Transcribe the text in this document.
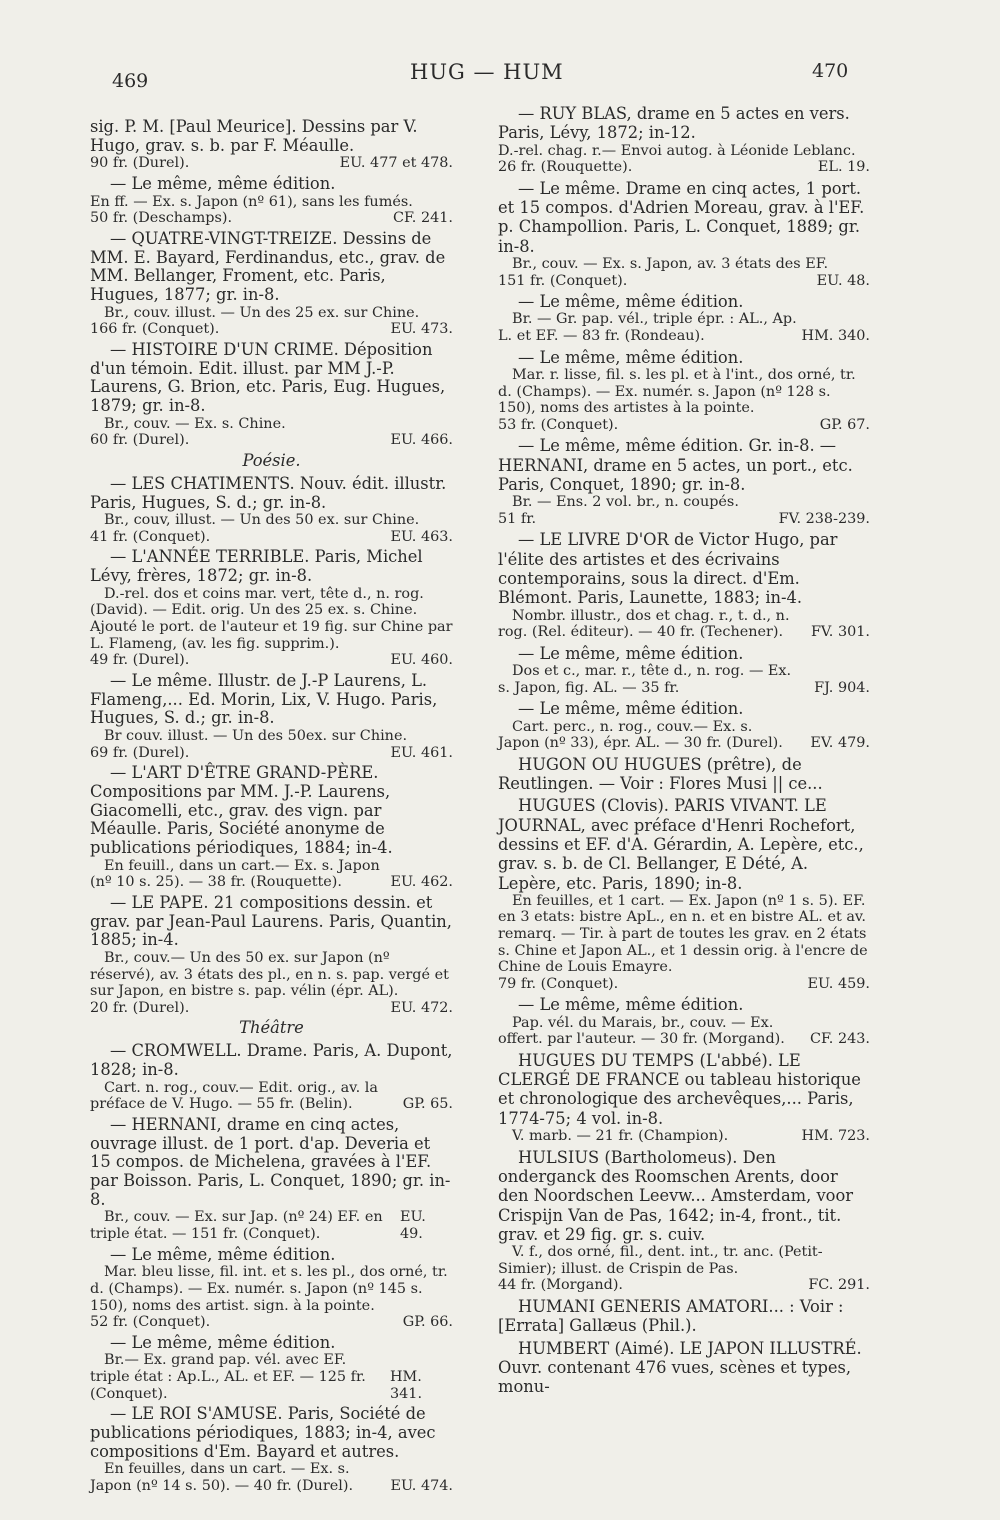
469	HUG — HUM	470

sig. P. M. [Paul Meurice]. Dessins par V. Hugo, grav. s. b. par F. Méaulle.

90 fr. (Durel).	EU. 477 et 478.

— Le même, même édition.

En ff. — Ex. s. Japon (nº 61), sans les fumés.

50 fr. (Deschamps).	CF. 241.

— QUATRE-VINGT-TREIZE. Dessins de MM. E. Bayard, Ferdinandus, etc., grav. de MM. Bellanger, Froment, etc. Paris, Hugues, 1877; gr. in-8.

Br., couv. illust. — Un des 25 ex. sur Chine.

166 fr. (Conquet).	EU. 473.

— HISTOIRE D'UN CRIME. Déposition d'un témoin. Edit. illust. par MM J.-P. Laurens, G. Brion, etc. Paris, Eug. Hugues, 1879; gr. in-8.

Br., couv. — Ex. s. Chine.

60 fr. (Durel).	EU. 466.
Poésie.

— LES CHATIMENTS. Nouv. édit. illustr. Paris, Hugues, S. d.; gr. in-8.

Br., couv, illust. — Un des 50 ex. sur Chine.

41 fr. (Conquet).	EU. 463.

— L'ANNÉE TERRIBLE. Paris, Michel Lévy, frères, 1872; gr. in-8.

D.-rel. dos et coins mar. vert, tête d., n. rog. (David). — Edit. orig. Un des 25 ex. s. Chine. Ajouté le port. de l'auteur et 19 fig. sur Chine par L. Flameng, (av. les fig. supprim.).

49 fr. (Durel).	EU. 460.

— Le même. Illustr. de J.-P Laurens, L. Flameng,... Ed. Morin, Lix, V. Hugo. Paris, Hugues, S. d.; gr. in-8.

Br couv. illust. — Un des 50ex. sur Chine.

69 fr. (Durel).	EU. 461.

— L'ART D'ÊTRE GRAND-PÈRE. Compositions par MM. J.-P. Laurens, Giacomelli, etc., grav. des vign. par Méaulle. Paris, Société anonyme de publications périodiques, 1884; in-4.

En feuill., dans un cart.— Ex. s. Japon (nº 10 s. 25). — 38 fr. (Rouquette).	EU. 462.

— LE PAPE. 21 compositions dessin. et grav. par Jean-Paul Laurens. Paris, Quantin, 1885; in-4.

Br., couv.— Un des 50 ex. sur Japon (nº réservé), av. 3 états des pl., en n. s. pap. vergé et sur Japon, en bistre s. pap. vélin (épr. AL).

20 fr. (Durel).	EU. 472.
Théâtre

— CROMWELL. Drame. Paris, A. Dupont, 1828; in-8.

Cart. n. rog., couv.— Edit. orig., av. la préface de V. Hugo. — 55 fr. (Belin).	GP. 65.

— HERNANI, drame en cinq actes, ouvrage illust. de 1 port. d'ap. Deveria et 15 compos. de Michelena, gravées à l'EF. par Boisson. Paris, L. Conquet, 1890; gr. in-8.

Br., couv. — Ex. sur Jap. (nº 24) EF. en triple état. — 151 fr. (Conquet).
EU. 49.

— Le même, même édition.

Mar. bleu lisse, fil. int. et s. les pl., dos orné, tr. d. (Champs). — Ex. numér. s. Japon (nº 145 s. 150), noms des artist. sign. à la pointe.

52 fr. (Conquet).	GP. 66.

— Le même, même édition.

Br.— Ex. grand pap. vél. avec EF. triple état : Ap.L., AL. et EF. — 125 fr. (Conquet).
HM. 341.

— LE ROI S'AMUSE. Paris, Société de publications périodiques, 1883; in-4, avec compositions d'Em. Bayard et autres.

En feuilles, dans un cart. — Ex. s. Japon (nº 14 s. 50). — 40 fr. (Durel).	EU. 474.

— RUY BLAS, drame en 5 actes en vers. Paris, Lévy, 1872; in-12.

D.-rel. chag. r.— Envoi autog. à Léonide Leblanc.

26 fr. (Rouquette).	EL. 19.

— Le même. Drame en cinq actes, 1 port. et 15 compos. d'Adrien Moreau, grav. à l'EF. p. Champollion. Paris, L. Conquet, 1889; gr. in-8.

Br., couv. — Ex. s. Japon, av. 3 états des EF.

151 fr. (Conquet).	EU. 48.

— Le même, même édition.

Br. — Gr. pap. vél., triple épr. : AL., Ap. L. et EF. — 83 fr. (Rondeau).	HM. 340.

— Le même, même édition.

Mar. r. lisse, fil. s. les pl. et à l'int., dos orné, tr. d. (Champs). — Ex. numér. s. Japon (nº 128 s. 150), noms des artistes à la pointe.

53 fr. (Conquet).	GP. 67.

— Le même, même édition. Gr. in-8. — HERNANI, drame en 5 actes, un port., etc. Paris, Conquet, 1890; gr. in-8.

Br. — Ens. 2 vol. br., n. coupés.

51 fr.	FV. 238-239.

— LE LIVRE D'OR de Victor Hugo, par l'élite des artistes et des écrivains contemporains, sous la direct. d'Em. Blémont. Paris, Launette, 1883; in-4.

Nombr. illustr., dos et chag. r., t. d., n. rog. (Rel. éditeur). — 40 fr. (Techener).	FV. 301.

— Le même, même édition.

Dos et c., mar. r., tête d., n. rog. — Ex. s. Japon, fig. AL. — 35 fr.	FJ. 904.

— Le même, même édition.

Cart. perc., n. rog., couv.— Ex. s. Japon (nº 33), épr. AL. — 30 fr. (Durel).	EV. 479.

HUGON OU HUGUES (prêtre), de Reutlingen. — Voir : Flores Musi || ce...

HUGUES (Clovis). PARIS VIVANT. LE JOURNAL, avec préface d'Henri Rochefort, dessins et EF. d'A. Gérardin, A. Lepère, etc., grav. s. b. de Cl. Bellanger, E Dété, A. Lepère, etc. Paris, 1890; in-8.

En feuilles, et 1 cart. — Ex. Japon (nº 1 s. 5). EF. en 3 etats: bistre ApL., en n. et en bistre AL. et av. remarq. — Tir. à part de toutes les grav. en 2 états s. Chine et Japon AL., et 1 dessin orig. à l'encre de Chine de Louis Emayre.

79 fr. (Conquet).	EU. 459.

— Le même, même édition.

Pap. vél. du Marais, br., couv. — Ex. offert. par l'auteur. — 30 fr. (Morgand).	CF. 243.

HUGUES DU TEMPS (L'abbé). LE CLERGÉ DE FRANCE ou tableau historique et chronologique des archevêques,... Paris, 1774-75; 4 vol. in-8.

V. marb. — 21 fr. (Champion).	HM. 723.

HULSIUS (Bartholomeus). Den onderganck des Roomschen Arents, door den Noordschen Leevw... Amsterdam, voor Crispijn Van de Pas, 1642; in-4, front., tit. grav. et 29 fig. gr. s. cuiv.

V. f., dos orné, fil., dent. int., tr. anc. (Petit-Simier); illust. de Crispin de Pas.

44 fr. (Morgand).	FC. 291.

HUMANI GENERIS AMATORI... : Voir : [Errata] Gallæus (Phil.).

HUMBERT (Aimé). LE JAPON ILLUSTRÉ. Ouvr. contenant 476 vues, scènes et types, monu-
